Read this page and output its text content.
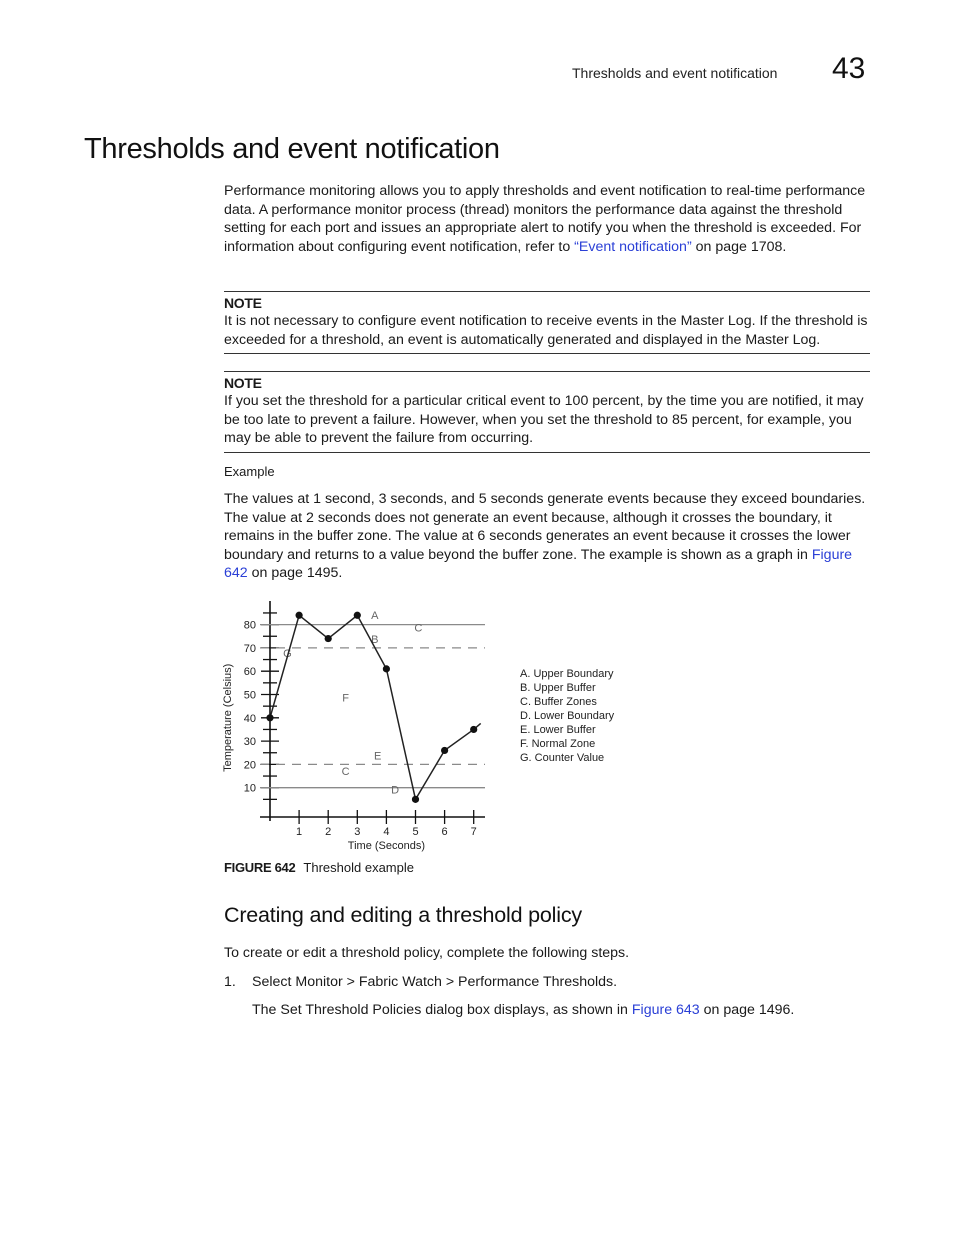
Thresholds and event notification 43
Thresholds and event notification
Performance monitoring allows you to apply thresholds and event notification to real-time performance data. A performance monitor process (thread) monitors the performance data against the threshold setting for each port and issues an appropriate alert to notify you when the threshold is exceeded. For information about configuring event notification, refer to “Event notification” on page 1708.
NOTE
It is not necessary to configure event notification to receive events in the Master Log. If the threshold is exceeded for a threshold, an event is automatically generated and displayed in the Master Log.
NOTE
If you set the threshold for a particular critical event to 100 percent, by the time you are notified, it may be too late to prevent a failure. However, when you set the threshold to 85 percent, for example, you may be able to prevent the failure from occurring.
Example
The values at 1 second, 3 seconds, and 5 seconds generate events because they exceed boundaries. The value at 2 seconds does not generate an event because, although it crosses the boundary, it remains in the buffer zone. The value at 6 seconds generates an event because it crosses the lower boundary and returns to a value beyond the buffer zone. The example is shown as a graph in Figure 642 on page 1495.
10
20
30
40
50
60
70
80
1 2 3 4 5 6 7
Time (Seconds)
Temperature (Celsius)
A
B
C
G
F
E
C
D
A. Upper Boundary
B. Upper Buffer
C. Buffer Zones
D. Lower Boundary
E. Lower Buffer
F. Normal Zone
G. Counter Value
FIGURE 642 Threshold example
Creating and editing a threshold policy
To create or edit a threshold policy, complete the following steps.
1. Select Monitor > Fabric Watch > Performance Thresholds.
The Set Threshold Policies dialog box displays, as shown in Figure 643 on page 1496.
